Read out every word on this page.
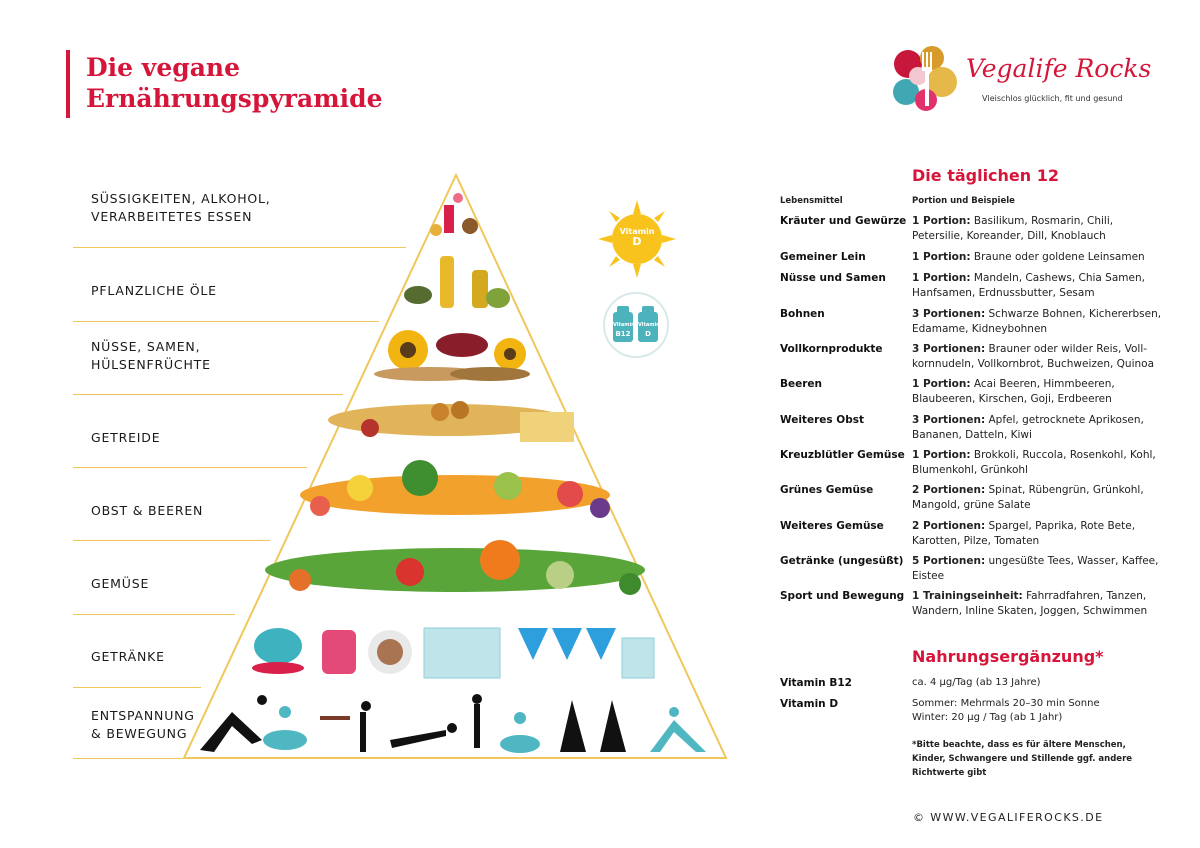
Die vegane
Ernährungspyramide
Vegalife Rocks
Vleischlos glücklich, fit und gesund
SÜSSIGKEITEN, ALKOHOL,
VERARBEITETES ESSEN
PFLANZLICHE ÖLE
NÜSSE, SAMEN,
HÜLSENFRÜCHTE
GETREIDE
OBST & BEEREN
GEMÜSE
GETRÄNKE
ENTSPANNUNG
& BEWEGUNG
Vitamin
D
Vitamin
B12
Vitamin
D
Die täglichen 12
Lebensmittel	Portion und Beispiele
Kräuter und Gewürze 1 Portion: Basilikum, Rosmarin, Chili, Petersilie, Koreander, Dill, Knoblauch
Gemeiner Lein	1 Portion: Braune oder goldene Leinsamen
Nüsse und Samen 1 Portion: Mandeln, Cashews, Chia Samen, Hanfsamen, Erdnussbutter, Sesam
Bohnen	3 Portionen: Schwarze Bohnen, Kichererbsen, Edamame, Kidneybohnen
Vollkornprodukte	3 Portionen: Brauner oder wilder Reis, Voll-kornnudeln, Vollkornbrot, Buchweizen, Quinoa
Beeren	1 Portion: Acai Beeren, Himmbeeren, Blaubeeren, Kirschen, Goji, Erdbeeren
Weiteres Obst	3 Portionen: Apfel, getrocknete Aprikosen, Bananen, Datteln, Kiwi
Kreuzblütler Gemüse 1 Portion: Brokkoli, Ruccola, Rosenkohl, Kohl, Blumenkohl, Grünkohl
Grünes Gemüse	2 Portionen: Spinat, Rübengrün, Grünkohl, Mangold, grüne Salate
Weiteres Gemüse	2 Portionen: Spargel, Paprika, Rote Bete, Karotten, Pilze, Tomaten
Getränke (ungesüßt) 5 Portionen: ungesüßte Tees, Wasser, Kaffee, Eistee
Sport und Bewegung 1 Trainingseinheit: Fahrradfahren, Tanzen, Wandern, Inline Skaten, Joggen, Schwimmen
Nahrungsergänzung*
Vitamin B12	ca. 4 µg/Tag (ab 13 Jahre)
Vitamin D	Sommer: Mehrmals 20–30 min Sonne
Winter: 20 µg / Tag (ab 1 Jahr)
*Bitte beachte, dass es für ältere Menschen, Kinder, Schwangere und Stillende ggf. andere Richtwerte gibt
© WWW.VEGALIFEROCKS.DE
